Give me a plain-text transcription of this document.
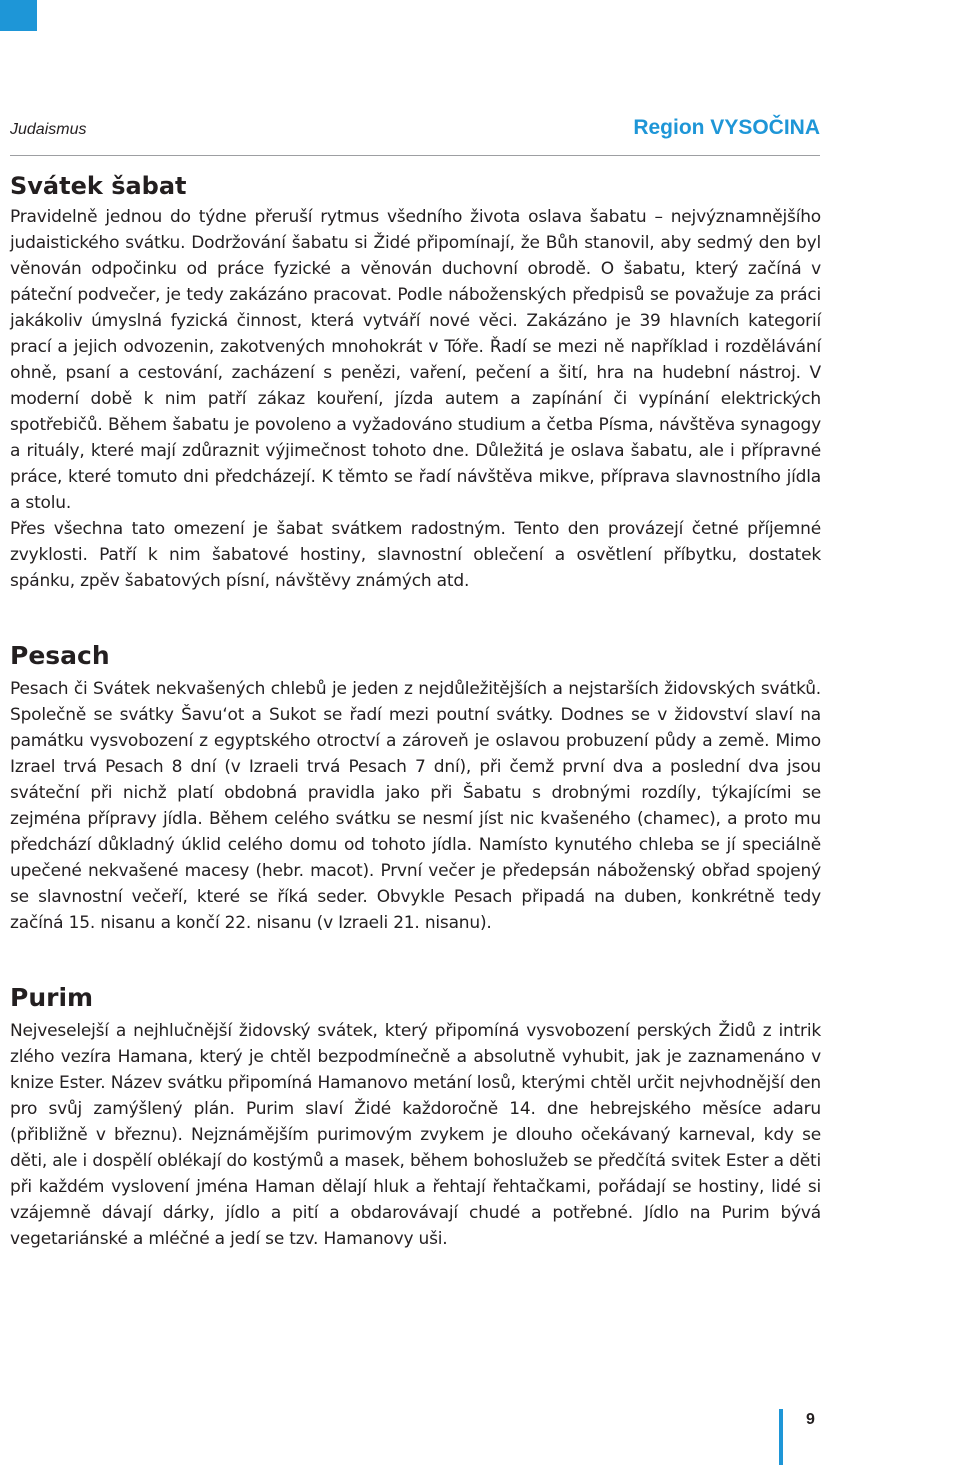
Judaismus	Region VYSOČINA
Svátek šabat

Pravidelně jednou do týdne přeruší rytmus všedního života oslava šabatu – nejvýznamnějšího judaistického svátku. Dodržování šabatu si Židé připomínají, že Bůh stanovil, aby sedmý den byl věnován odpočinku od práce fyzické a věnován duchovní obrodě. O šabatu, který začíná v páteční podvečer, je tedy zakázáno pracovat. Podle náboženských předpisů se považuje za práci jakákoliv úmyslná fyzická činnost, která vytváří nové věci. Zakázáno je 39 hlavních kategorií prací a jejich odvozenin, zakotvených mnohokrát v Tóře. Řadí se mezi ně například i rozdělávání ohně, psaní a cestování, zacházení s penězi, vaření, pečení a šití, hra na hudební nástroj. V moderní době k nim patří zákaz kouření, jízda autem a zapínání či vypínání elektrických spotřebičů. Během šabatu je povoleno a vyžadováno studium a četba Písma, návštěva synagogy a rituály, které mají zdůraznit výjimečnost tohoto dne. Důležitá je oslava šabatu, ale i přípravné práce, které tomuto dni předcházejí. K těmto se řadí návštěva mikve, příprava slavnostního jídla a stolu.

Přes všechna tato omezení je šabat svátkem radostným. Tento den provázejí četné příjemné zvyklosti. Patří k nim šabatové hostiny, slavnostní oblečení a osvětlení příbytku, dostatek spánku, zpěv šabatových písní, návštěvy známých atd.

Pesach

Pesach či Svátek nekvašených chlebů je jeden z nejdůležitějších a nejstarších židovských svátků. Společně se svátky Šavu‘ot a Sukot se řadí mezi poutní svátky. Dodnes se v židovství slaví na památku vysvobození z egyptského otroctví a zároveň je oslavou probuzení půdy a země. Mimo Izrael trvá Pesach 8 dní (v Izraeli trvá Pesach 7 dní), při čemž první dva a poslední dva jsou sváteční při nichž platí obdobná pravidla jako při Šabatu s drobnými rozdíly, týkajícími se zejména přípravy jídla. Během celého svátku se nesmí jíst nic kvašeného (chamec), a proto mu předchází důkladný úklid celého domu od tohoto jídla. Namísto kynutého chleba se jí speciálně upečené nekvašené macesy (hebr. macot). První večer je předepsán náboženský obřad spojený se slavnostní večeří, které se říká seder. Obvykle Pesach připadá na duben, konkrétně tedy začíná 15. nisanu a končí 22. nisanu (v Izraeli 21. nisanu).

Purim

Nejveselejší a nejhlučnější židovský svátek, který připomíná vysvobození perských Židů z intrik zlého vezíra Hamana, který je chtěl bezpodmínečně a absolutně vyhubit, jak je zaznamenáno v knize Ester. Název svátku připomíná Hamanovo metání losů, kterými chtěl určit nejvhodnější den pro svůj zamýšlený plán. Purim slaví Židé každoročně 14. dne hebrejského měsíce adaru (přibližně v březnu). Nejznámějším purimovým zvykem je dlouho očekávaný karneval, kdy se děti, ale i dospělí oblékají do kostýmů a masek, během bohoslužeb se předčítá svitek Ester a děti při každém vyslovení jména Haman dělají hluk a řehtají řehtačkami, pořádají se hostiny, lidé si vzájemně dávají dárky, jídlo a pití a obdarovávají chudé a potřebné. Jídlo na Purim bývá vegetariánské a mléčné a jedí se tzv. Hamanovy uši.

9
